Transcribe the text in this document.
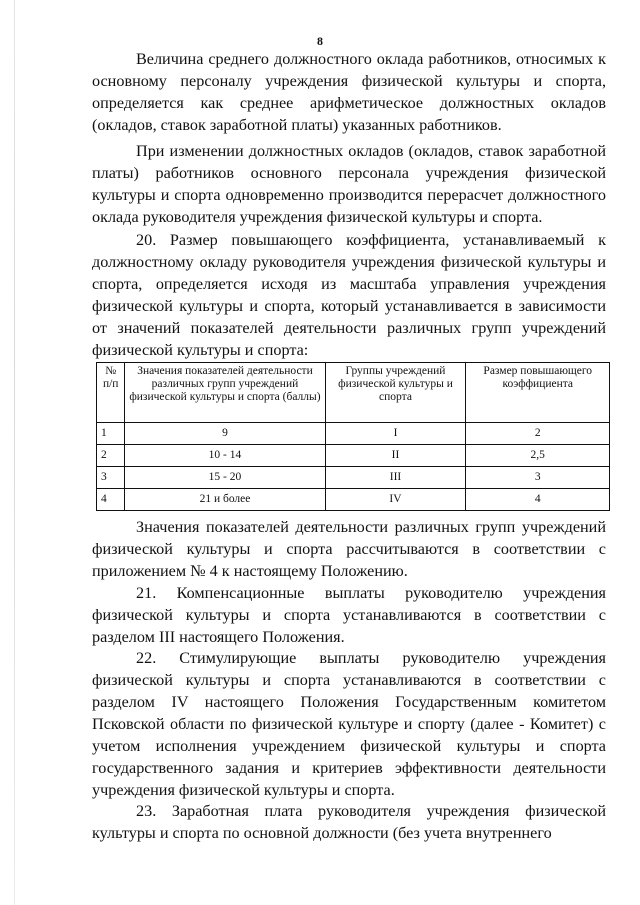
8

Величина среднего должностного оклада работников, относимых к основному персоналу учреждения физической культуры и спорта, определяется как среднее арифметическое должностных окладов (окладов, ставок заработной платы) указанных работников.

При изменении должностных окладов (окладов, ставок заработной платы) работников основного персонала учреждения физической культуры и спорта одновременно производится перерасчет должностного оклада руководителя учреждения физической культуры и спорта.

20. Размер повышающего коэффициента, устанавливаемый к должностному окладу руководителя учреждения физической культуры и спорта, определяется исходя из масштаба управления учреждения физической культуры и спорта, который устанавливается в зависимости от значений показателей деятельности различных групп учреждений физической культуры и спорта:

№ п/п	Значения показателей деятельности различных групп учреждений физической культуры и спорта (баллы)	Группы учреждений физической культуры и спорта	Размер повышающего коэффициента
1	9	I	2
2	10 - 14	II	2,5
3	15 - 20	III	3
4	21 и более	IV	4

Значения показателей деятельности различных групп учреждений физической культуры и спорта рассчитываются в соответствии с приложением № 4 к настоящему Положению.

21. Компенсационные выплаты руководителю учреждения физической культуры и спорта устанавливаются в соответствии с разделом III настоящего Положения.

22. Стимулирующие выплаты руководителю учреждения физической культуры и спорта устанавливаются в соответствии с разделом IV настоящего Положения Государственным комитетом Псковской области по физической культуре и спорту (далее - Комитет) с учетом исполнения учреждением физической культуры и спорта государственного задания и критериев эффективности деятельности учреждения физической культуры и спорта.

23. Заработная плата руководителя учреждения физической культуры и спорта по основной должности (без учета внутреннего
